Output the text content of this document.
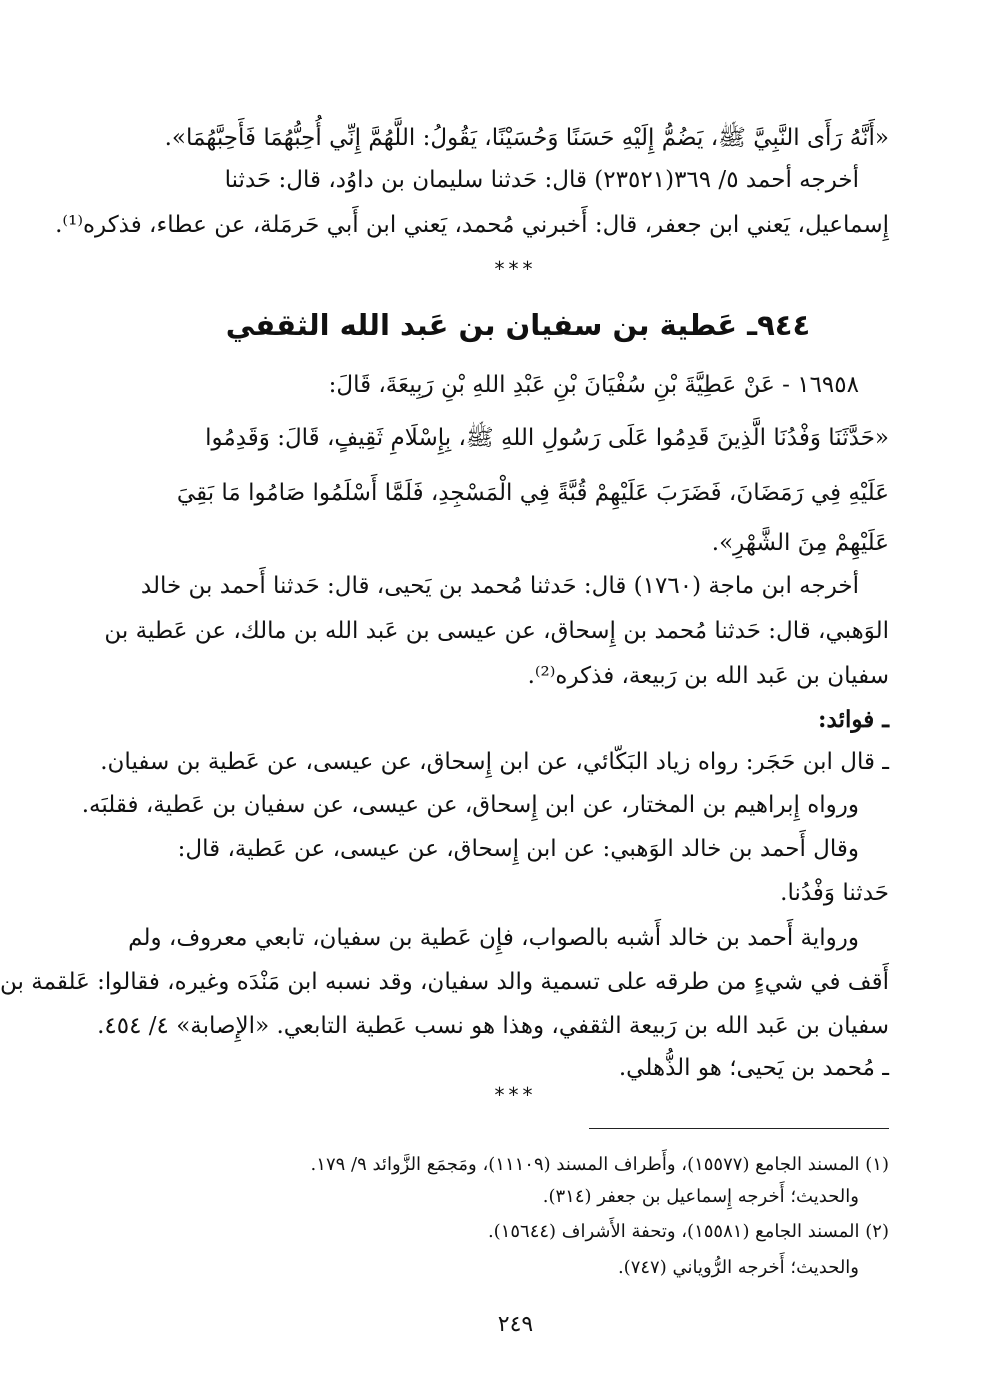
«أَنَّهُ رَأَى النَّبِيَّ ﷺ، يَضُمُّ إِلَيْهِ حَسَنًا وَحُسَيْنًا، يَقُولُ: اللَّهُمَّ إِنِّي أُحِبُّهُمَا فَأَحِبَّهُمَا».
أخرجه أحمد ٥/ ٣٦٩(٢٣٥٢١) قال: حَدثنا سليمان بن داوُد، قال: حَدثنا
إِسماعيل، يَعني ابن جعفر، قال: أَخبرني مُحمد، يَعني ابن أَبي حَرمَلة، عن عطاء، فذكره⁽¹⁾.
***
٩٤٤ـ عَطية بن سفيان بن عَبد الله الثقفي
١٦٩٥٨ - عَنْ عَطِيَّةَ بْنِ سُفْيَانَ بْنِ عَبْدِ اللهِ بْنِ رَبِيعَةَ، قَالَ:
«حَدَّثَنَا وَفْدُنَا الَّذِينَ قَدِمُوا عَلَى رَسُولِ اللهِ ﷺ، بِإِسْلَامِ ثَقِيفٍ، قَالَ: وَقَدِمُوا
عَلَيْهِ فِي رَمَضَانَ، فَضَرَبَ عَلَيْهِمْ قُبَّةً فِي الْمَسْجِدِ، فَلَمَّا أَسْلَمُوا صَامُوا مَا بَقِيَ
عَلَيْهِمْ مِنَ الشَّهْرِ».
أخرجه ابن ماجة (١٧٦٠) قال: حَدثنا مُحمد بن يَحيى، قال: حَدثنا أَحمد بن خالد
الوَهبي، قال: حَدثنا مُحمد بن إِسحاق، عن عيسى بن عَبد الله بن مالك، عن عَطية بن
سفيان بن عَبد الله بن رَبيعة، فذكره⁽²⁾.
ـ فوائد:
ـ قال ابن حَجَر: رواه زياد البَكّائي، عن ابن إِسحاق، عن عيسى، عن عَطية بن سفيان.
ورواه إِبراهيم بن المختار، عن ابن إِسحاق، عن عيسى، عن سفيان بن عَطية، فقلبَه.
وقال أَحمد بن خالد الوَهبي: عن ابن إِسحاق، عن عيسى، عن عَطية، قال:
حَدثنا وَفْدُنا.
ورواية أَحمد بن خالد أَشبه بالصواب، فإِن عَطية بن سفيان، تابعي معروف، ولم
أَقف في شيءٍ من طرقه على تسمية والد سفيان، وقد نسبه ابن مَنْدَه وغيره، فقالوا: عَلقمة بن
سفيان بن عَبد الله بن رَبيعة الثقفي، وهذا هو نسب عَطية التابعي. «الإِصابة» ٤/ ٤٥٤.
ـ مُحمد بن يَحيى؛ هو الذُّهلي.
***
(١) المسند الجامع (١٥٥٧٧)، وأَطراف المسند (١١١٠٩)، ومَجمَع الزَّوائد ٩/ ١٧٩.
والحديث؛ أَخرجه إِسماعيل بن جعفر (٣١٤).
(٢) المسند الجامع (١٥٥٨١)، وتحفة الأَشراف (١٥٦٤٤).
والحديث؛ أَخرجه الرُّوياني (٧٤٧).
٢٤٩
